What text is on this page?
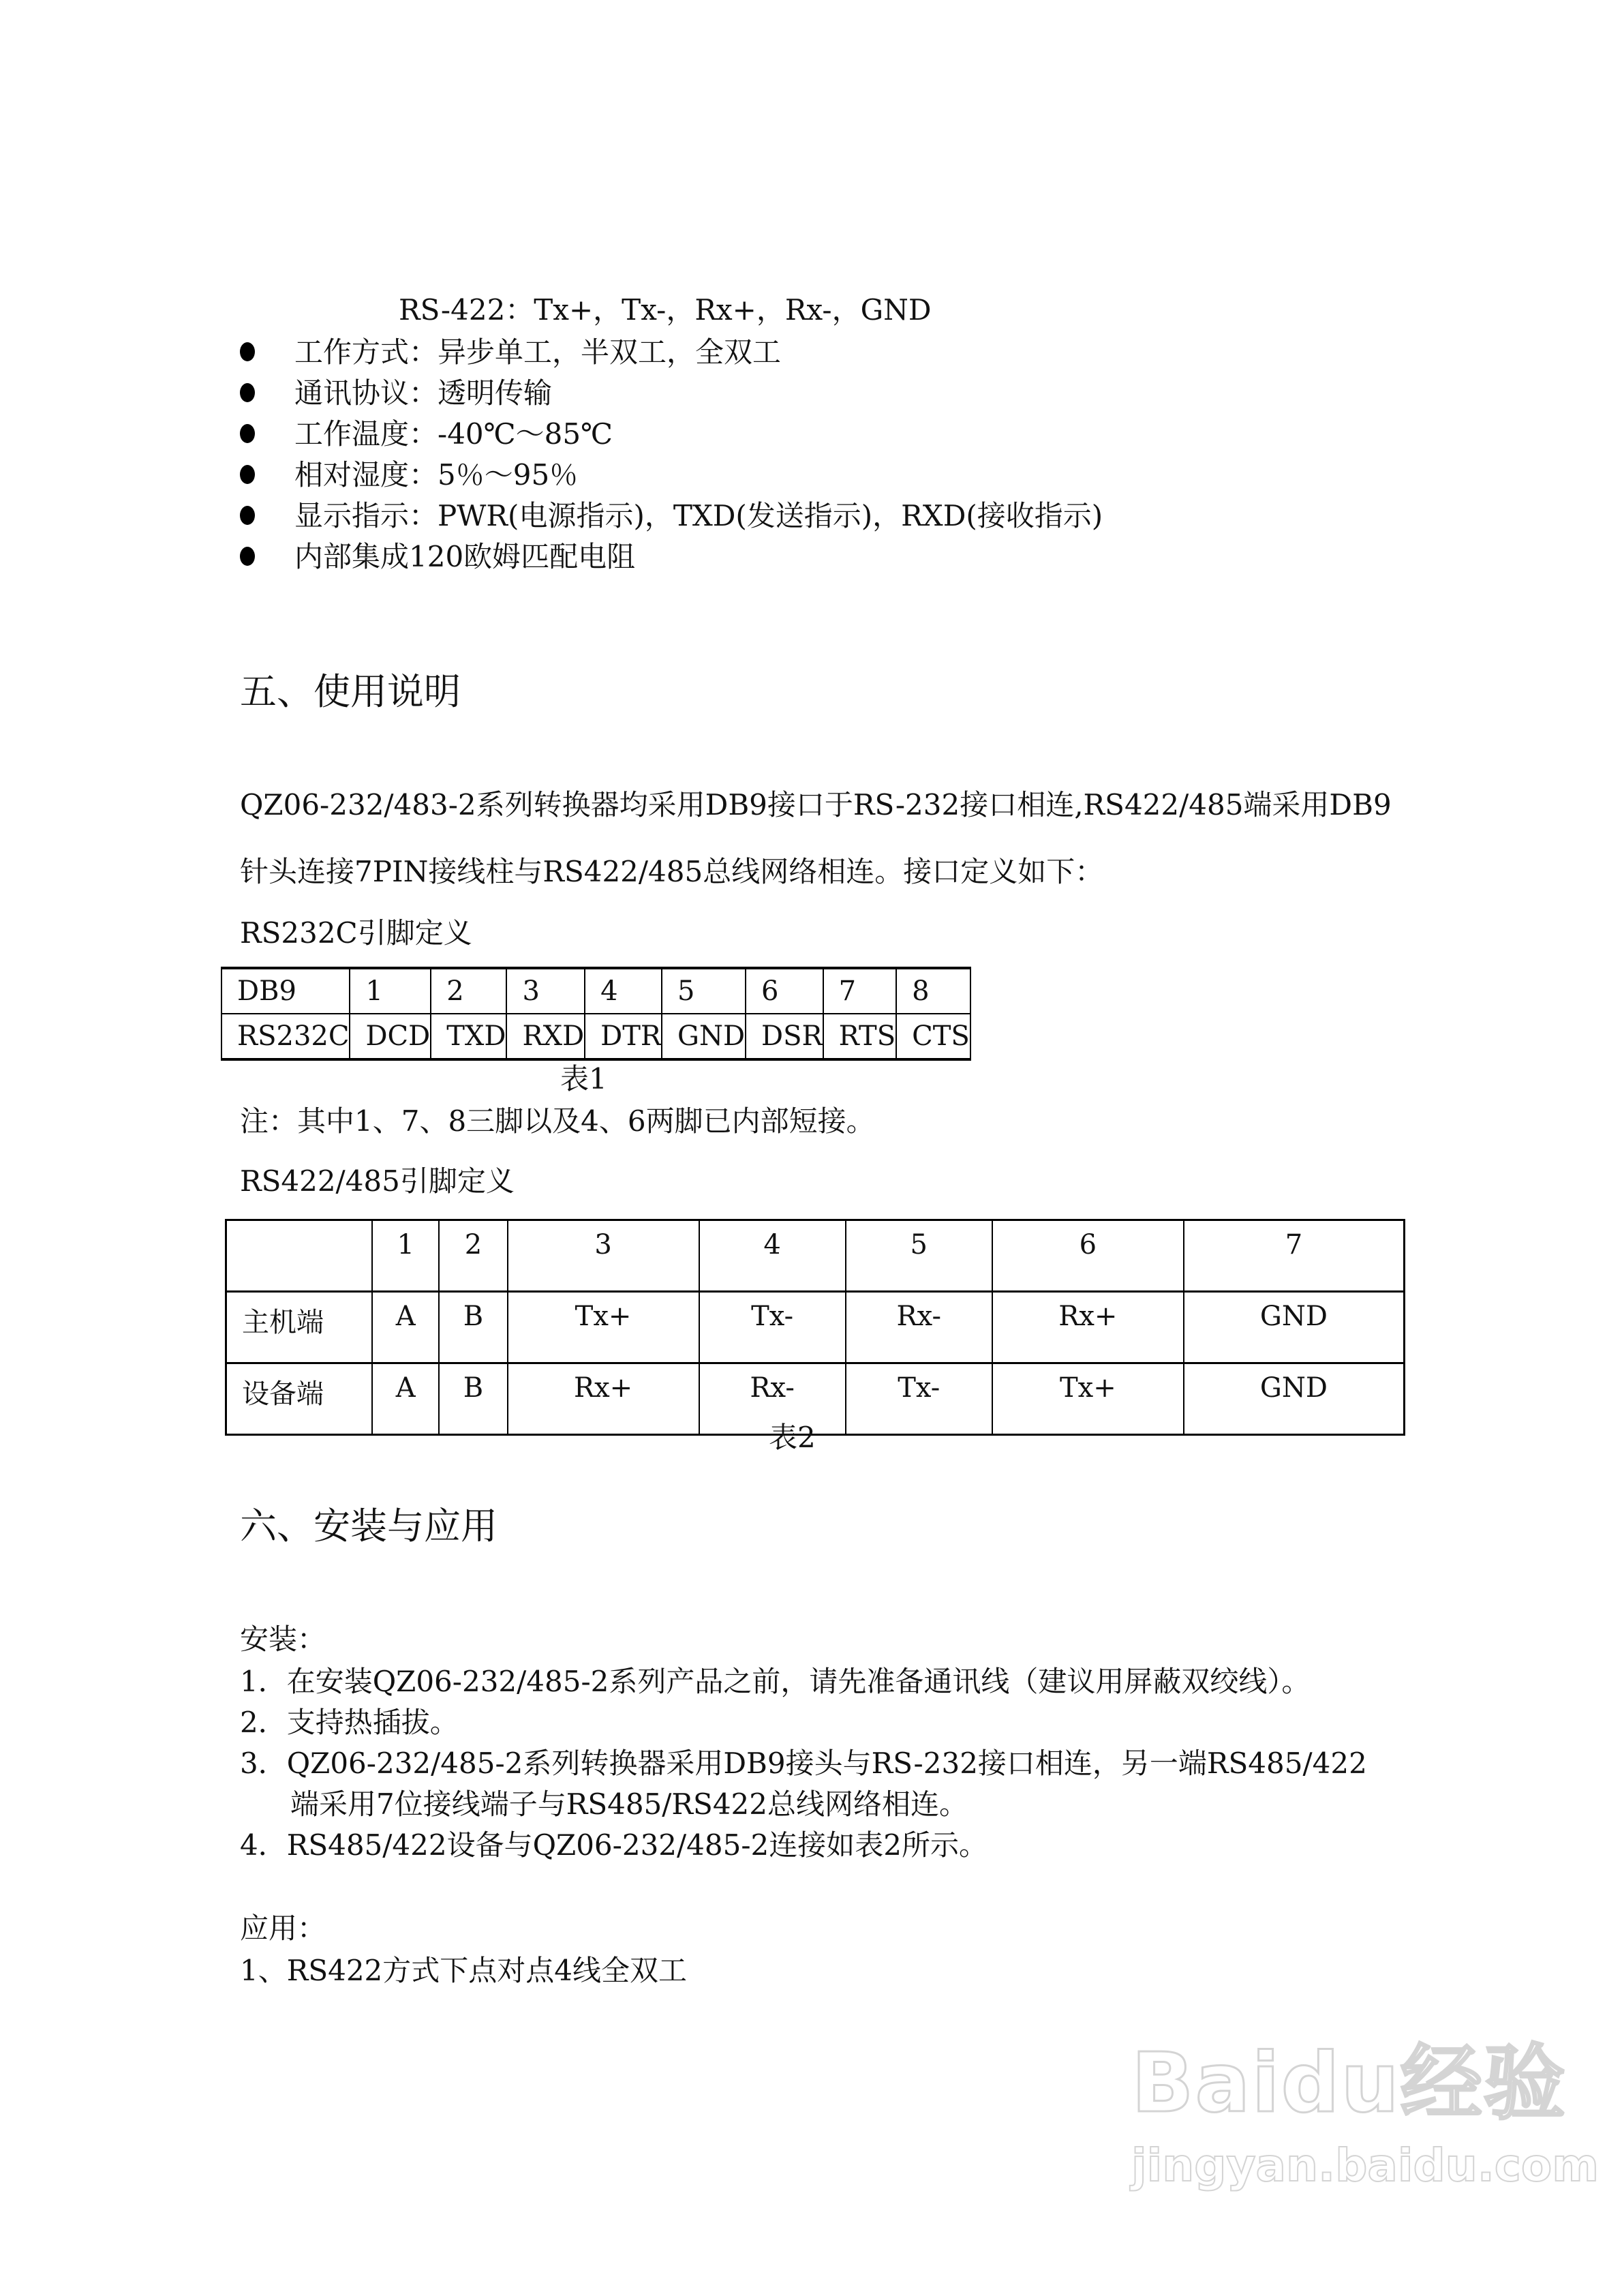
RS-422：Tx+，Tx-，Rx+，Rx-，GND
工作方式：异步单工，半双工，全双工
通讯协议：透明传输
工作温度：-40℃～85℃
相对湿度：5％～95％
显示指示：PWR(电源指示)，TXD(发送指示)，RXD(接收指示)
内部集成120欧姆匹配电阻
五、使用说明
QZ06-232/483-2系列转换器均采用DB9接口于RS-232接口相连,RS422/485端采用DB9
针头连接7PIN接线柱与RS422/485总线网络相连。接口定义如下：
RS232C引脚定义
DB9	1	2	3	4	5	6	7	8
RS232C	DCD	TXD	RXD	DTR	GND	DSR	RTS	CTS
表1
注：其中1、7、8三脚以及4、6两脚已内部短接。
RS422/485引脚定义
	1	2	3	4	5	6	7
主机端	A	B	Tx+	Tx-	Rx-	Rx+	GND
设备端	A	B	Rx+	Rx-	Tx-	Tx+	GND
表2
六、安装与应用
安装：
1．在安装QZ06-232/485-2系列产品之前，请先准备通讯线（建议用屏蔽双绞线）。
2．支持热插拔。
3．QZ06-232/485-2系列转换器采用DB9接头与RS-232接口相连，另一端RS485/422
端采用7位接线端子与RS485/RS422总线网络相连。
4．RS485/422设备与QZ06-232/485-2连接如表2所示。
应用：
1、RS422方式下点对点4线全双工
Baidu经验
jingyan.baidu.com
